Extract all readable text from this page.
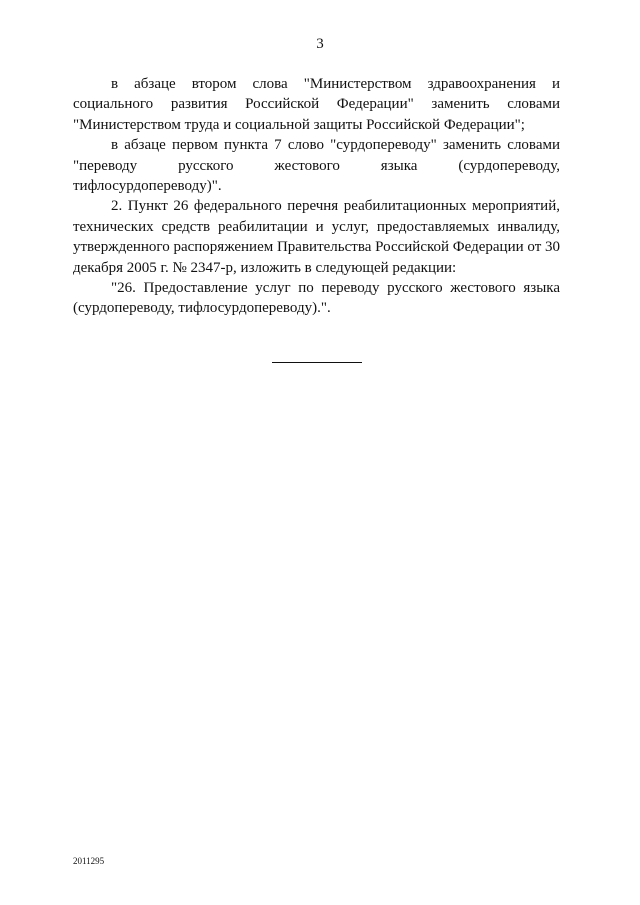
3

в абзаце втором слова "Министерством здравоохранения и социального развития Российской Федерации" заменить словами "Министерством труда и социальной защиты Российской Федерации";

в абзаце первом пункта 7 слово "сурдопереводу" заменить словами "переводу русского жестового языка (сурдопереводу, тифлосурдопереводу)".

2. Пункт 26 федерального перечня реабилитационных мероприятий, технических средств реабилитации и услуг, предоставляемых инвалиду, утвержденного распоряжением Правительства Российской Федерации от 30 декабря 2005 г. № 2347-р, изложить в следующей редакции:

"26. Предоставление услуг по переводу русского жестового языка (сурдопереводу, тифлосурдопереводу).".

2011295
